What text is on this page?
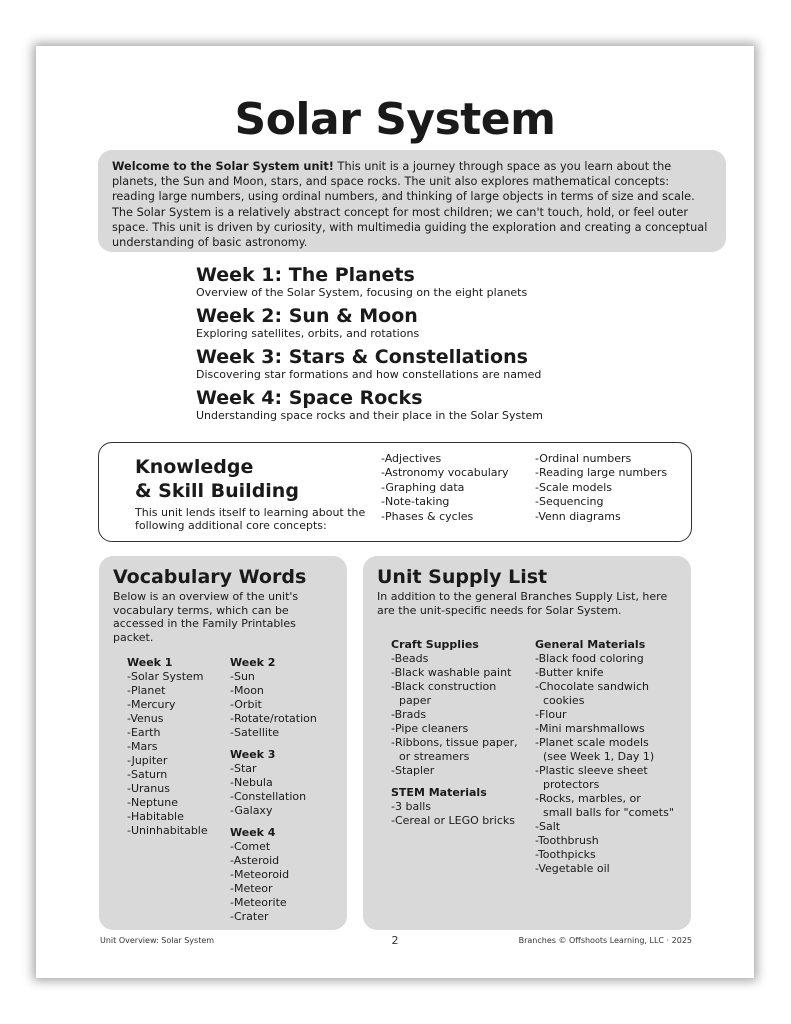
Solar System
Welcome to the Solar System unit! This unit is a journey through space as you learn about the planets, the Sun and Moon, stars, and space rocks. The unit also explores mathematical concepts: reading large numbers, using ordinal numbers, and thinking of large objects in terms of size and scale. The Solar System is a relatively abstract concept for most children; we can't touch, hold, or feel outer space. This unit is driven by curiosity, with multimedia guiding the exploration and creating a conceptual understanding of basic astronomy.
Week 1: The Planets

Overview of the Solar System, focusing on the eight planets

Week 2: Sun & Moon

Exploring satellites, orbits, and rotations

Week 3: Stars & Constellations

Discovering star formations and how constellations are named

Week 4: Space Rocks

Understanding space rocks and their place in the Solar System

Knowledge
& Skill Building
This unit lends itself to learning about the following additional core concepts:
-Adjectives
-Astronomy vocabulary
-Graphing data
-Note-taking
-Phases & cycles
-Ordinal numbers
-Reading large numbers
-Scale models
-Sequencing
-Venn diagrams
Vocabulary Words
Below is an overview of the unit's vocabulary terms, which can be accessed in the Family Printables packet.
Week 1
-Solar System
-Planet
-Mercury
-Venus
-Earth
-Mars
-Jupiter
-Saturn
-Uranus
-Neptune
-Habitable
-Uninhabitable
Week 2
-Sun
-Moon
-Orbit
-Rotate/rotation
-Satellite
Week 3
-Star
-Nebula
-Constellation
-Galaxy
Week 4
-Comet
-Asteroid
-Meteoroid
-Meteor
-Meteorite
-Crater
Unit Supply List
In addition to the general Branches Supply List, here are the unit-specific needs for Solar System.
Craft Supplies
-Beads
-Black washable paint
-Black construction
paper
-Brads
-Pipe cleaners
-Ribbons, tissue paper,
or streamers
-Stapler
STEM Materials
-3 balls
-Cereal or LEGO bricks
General Materials
-Black food coloring
-Butter knife
-Chocolate sandwich
cookies
-Flour
-Mini marshmallows
-Planet scale models
(see Week 1, Day 1)
-Plastic sleeve sheet
protectors
-Rocks, marbles, or
small balls for "comets"
-Salt
-Toothbrush
-Toothpicks
-Vegetable oil
Unit Overview: Solar System	2	Branches © Offshoots Learning, LLC · 2025
